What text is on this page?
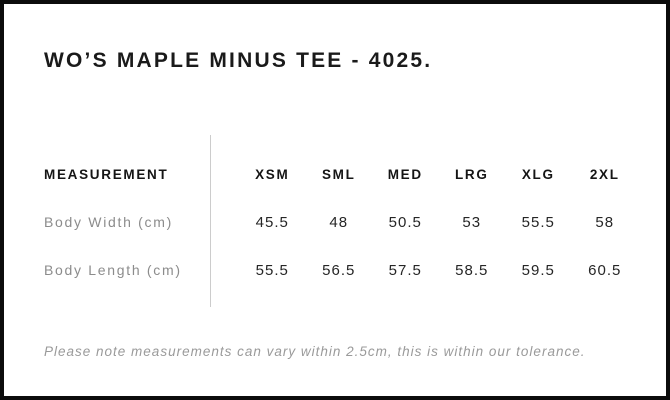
WO’S MAPLE MINUS TEE - 4025.
MEASUREMENT	XSM	SML	MED	LRG	XLG	2XL
Body Width (cm)	45.5	48	50.5	53	55.5	58
Body Length (cm)	55.5	56.5	57.5	58.5	59.5	60.5
Please note measurements can vary within 2.5cm, this is within our tolerance.
